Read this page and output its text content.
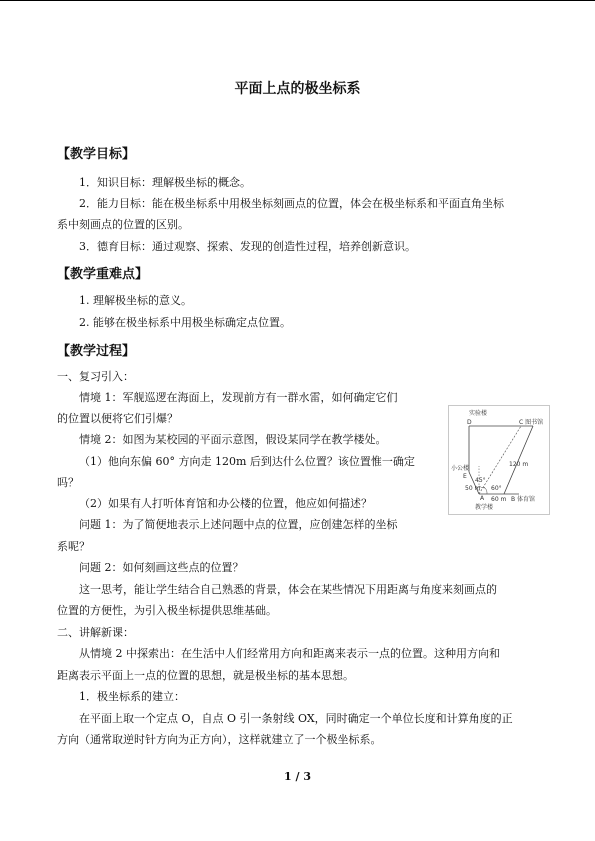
平面上点的极坐标系
【教学目标】
1．知识目标：理解极坐标的概念。
2．能力目标：能在极坐标系中用极坐标刻画点的位置，体会在极坐标系和平面直角坐标
系中刻画点的位置的区别。
3．德育目标：通过观察、探索、发现的创造性过程，培养创新意识。
【教学重难点】
1. 理解极坐标的意义。
2. 能够在极坐标系中用极坐标确定点位置。
【教学过程】
一、复习引入：
情境 1：军舰巡逻在海面上，发现前方有一群水雷，如何确定它们
的位置以便将它们引爆？
情境 2：如图为某校园的平面示意图，假设某同学在教学楼处。
（1）他向东偏 60° 方向走 120m 后到达什么位置？该位置惟一确定
吗？
（2）如果有人打听体育馆和办公楼的位置，他应如何描述？
问题 1：为了简便地表示上述问题中点的位置，应创建怎样的坐标
系呢？
问题 2：如何刻画这些点的位置？
这一思考，能让学生结合自己熟悉的背景，体会在某些情况下用距离与角度来刻画点的
位置的方便性，为引入极坐标提供思维基础。
二、讲解新课：
从情境 2 中探索出：在生活中人们经常用方向和距离来表示一点的位置。这种用方向和
距离表示平面上一点的位置的思想，就是极坐标的基本思想。
1．极坐标系的建立：
在平面上取一个定点 O，自点 O 引一条射线 OX，同时确定一个单位长度和计算角度的正
方向（通常取逆时针方向为正方向），这样就建立了一个极坐标系。
实验楼
D	C 图书馆
小公楼
E
45°
50 m
120 m
60°
60 m B 体育馆
A
教学楼
1 / 3
